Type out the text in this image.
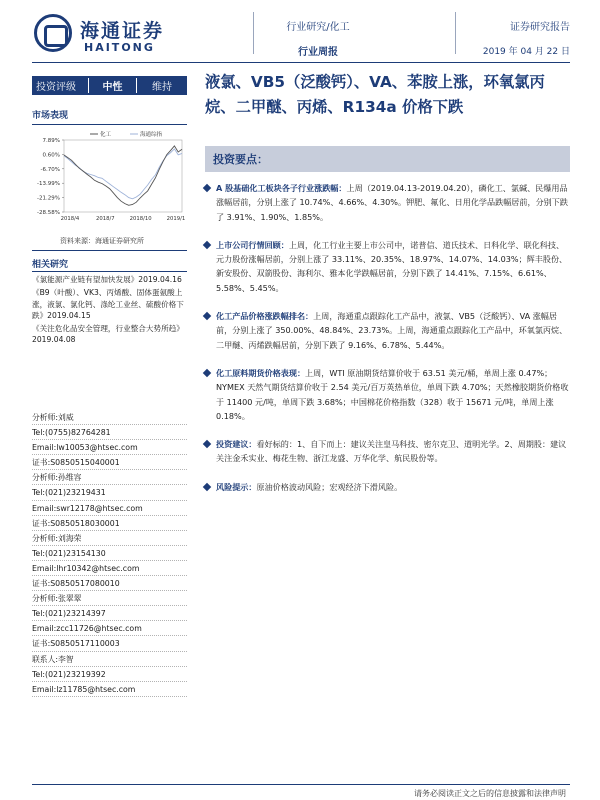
海通证券
HAITONG
行业研究/化工
行业周报
证券研究报告
2019 年 04 月 22 日
投资评级	中性	维持
市场表现
7.89%
0.60%
-6.70%
-13.99%
-21.29%
-28.58%
2018/4	2018/7	2018/10	2019/1
化工	海通综指
资料来源：海通证券研究所
相关研究
《氯能源产业链有望加快发展》2019.04.16
《B9（叶酸）、VK3、丙烯酸、固体蛋氨酸上涨，液氯、氯化钙、涤纶工业丝、硫酸价格下跌》2019.04.15
《关注危化品安全管理，行业整合大势所趋》2019.04.08
分析师:刘威
Tel:(0755)82764281
Email:lw10053@htsec.com
证书:S0850515040001
分析师:孙维容
Tel:(021)23219431
Email:swr12178@htsec.com
证书:S0850518030001
分析师:刘海荣
Tel:(021)23154130
Email:lhr10342@htsec.com
证书:S0850517080010
分析师:张翠翠
Tel:(021)23214397
Email:zcc11726@htsec.com
证书:S0850517110003
联系人:李智
Tel:(021)23219392
Email:lz11785@htsec.com
液氯、VB5（泛酸钙）、VA、苯胺上涨，环氧氯丙烷、二甲醚、丙烯、R134a 价格下跌
投资要点：
A 股基础化工板块各子行业涨跌幅：上周（2019.04.13-2019.04.20），磷化工、氯碱、民爆用品涨幅居前，分别上涨了 10.74%、4.66%、4.30%。钾肥、氟化、日用化学品跌幅居前，分别下跌了 3.91%、1.90%、1.85%。
上市公司行情回顾：上周，化工行业主要上市公司中，诺普信、道氏技术、日科化学、联化科技、元力股份涨幅居前，分别上涨了 33.11%、20.35%、18.97%、14.07%、14.03%；辉丰股份、新安股份、双箭股份、海利尔、雅本化学跌幅居前，分别下跌了 14.41%、7.15%、6.61%、5.58%、5.45%。
化工产品价格涨跌幅排名：上周，海通重点跟踪化工产品中，液氯、VB5（泛酸钙）、VA 涨幅居前，分别上涨了 350.00%、48.84%、23.73%。上周，海通重点跟踪化工产品中，环氧氯丙烷、二甲醚、丙烯跌幅居前，分别下跌了 9.16%、6.78%、5.44%。
化工原料期货价格表现：上周，WTI 原油期货结算价收于 63.51 美元/桶，单周上涨 0.47%；NYMEX 天然气期货结算价收于 2.54 美元/百万英热单位，单周下跌 4.70%；天然橡胶期货价格收于 11400 元/吨，单周下跌 3.68%；中国棉花价格指数（328）收于 15671 元/吨，单周上涨 0.18%。
投资建议：看好标的：1、自下而上：建议关注皇马科技、密尔克卫、道明光学。2、周期股：建议关注金禾实业、梅花生物、浙江龙盛、万华化学、航民股份等。
风险提示：原油价格波动风险；宏观经济下滑风险。
请务必阅读正文之后的信息披露和法律声明
